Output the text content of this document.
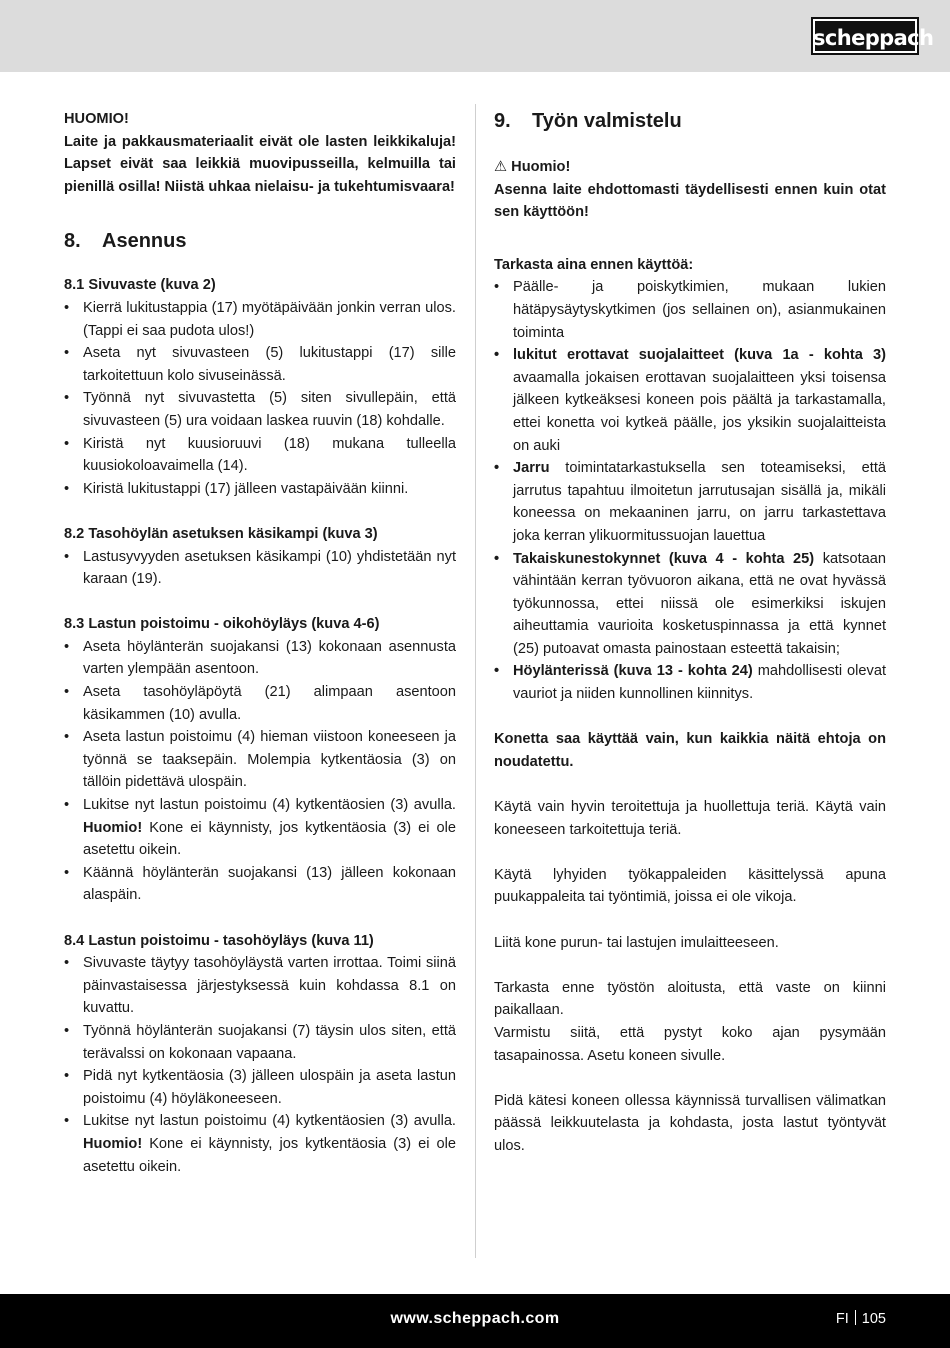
scheppach

HUOMIO!

Laite ja pakkausmateriaalit eivät ole lasten leikkikaluja! Lapset eivät saa leikkiä muovipusseilla, kelmuilla tai pienillä osilla! Niistä uhkaa nielaisu- ja tukehtumisvaara!

8. Asennus

8.1 Sivuvaste (kuva 2)

• Kierrä lukitustappia (17) myötäpäivään jonkin verran ulos. (Tappi ei saa pudota ulos!)
• Aseta nyt sivuvasteen (5) lukitustappi (17) sille tarkoitettuun kolo sivuseinässä.
• Työnnä nyt sivuvastetta (5) siten sivullepäin, että sivuvasteen (5) ura voidaan laskea ruuvin (18) kohdalle.
• Kiristä nyt kuusioruuvi (18) mukana tulleella kuusiokoloavaimella (14).
• Kiristä lukitustappi (17) jälleen vastapäivään kiinni.

8.2 Tasohöylän asetuksen käsikampi (kuva 3)

• Lastusyvyyden asetuksen käsikampi (10) yhdistetään nyt karaan (19).

8.3 Lastun poistoimu - oikohöyläys (kuva 4-6)

• Aseta höylänterän suojakansi (13) kokonaan asennusta varten ylempään asentoon.
• Aseta tasohöyläpöytä (21) alimpaan asentoon käsikammen (10) avulla.
• Aseta lastun poistoimu (4) hieman viistoon koneeseen ja työnnä se taaksepäin. Molempia kytkentäosia (3) on tällöin pidettävä ulospäin.
• Lukitse nyt lastun poistoimu (4) kytkentäosien (3) avulla. Huomio! Kone ei käynnisty, jos kytkentäosia (3) ei ole asetettu oikein.
• Käännä höylänterän suojakansi (13) jälleen kokonaan alaspäin.

8.4 Lastun poistoimu - tasohöyläys (kuva 11)

• Sivuvaste täytyy tasohöyläystä varten irrottaa. Toimi siinä päinvastaisessa järjestyksessä kuin kohdassa 8.1 on kuvattu.
• Työnnä höylänterän suojakansi (7) täysin ulos siten, että terävalssi on kokonaan vapaana.
• Pidä nyt kytkentäosia (3) jälleen ulospäin ja aseta lastun poistoimu (4) höyläkoneeseen.
• Lukitse nyt lastun poistoimu (4) kytkentäosien (3) avulla. Huomio! Kone ei käynnisty, jos kytkentäosia (3) ei ole asetettu oikein.
9. Työn valmistelu

⚠ Huomio!

Asenna laite ehdottomasti täydellisesti ennen kuin otat sen käyttöön!

Tarkasta aina ennen käyttöä:

• Päälle- ja poiskytkimien, mukaan lukien hätäpysäytyskytkimen (jos sellainen on), asianmukainen toiminta
• lukitut erottavat suojalaitteet (kuva 1a - kohta 3) avaamalla jokaisen erottavan suojalaitteen yksi toisensa jälkeen kytkeäksesi koneen pois päältä ja tarkastamalla, ettei konetta voi kytkeä päälle, jos yksikin suojalaitteista on auki
• Jarru toimintatarkastuksella sen toteamiseksi, että jarrutus tapahtuu ilmoitetun jarrutusajan sisällä ja, mikäli koneessa on mekaaninen jarru, on jarru tarkastettava joka kerran ylikuormitussuojan lauettua
• Takaiskunestokynnet (kuva 4 - kohta 25) katsotaan vähintään kerran työvuoron aikana, että ne ovat hyvässä työkunnossa, ettei niissä ole esimerkiksi iskujen aiheuttamia vaurioita kosketuspinnassa ja että kynnet (25) putoavat omasta painostaan esteettä takaisin;
• Höylänterissä (kuva 13 - kohta 24) mahdollisesti olevat vauriot ja niiden kunnollinen kiinnitys.

Konetta saa käyttää vain, kun kaikkia näitä ehtoja on noudatettu.

Käytä vain hyvin teroitettuja ja huollettuja teriä. Käytä vain koneeseen tarkoitettuja teriä.

Käytä lyhyiden työkappaleiden käsittelyssä apuna puukappaleita tai työntimiä, joissa ei ole vikoja.

Liitä kone purun- tai lastujen imulaitteeseen.

Tarkasta enne työstön aloitusta, että vaste on kiinni paikallaan.

Varmistu siitä, että pystyt koko ajan pysymään tasapainossa. Asetu koneen sivulle.

Pidä kätesi koneen ollessa käynnissä turvallisen välimatkan päässä leikkuutelasta ja kohdasta, josta lastut työntyvät ulos.

www.scheppach.com	FI 105
